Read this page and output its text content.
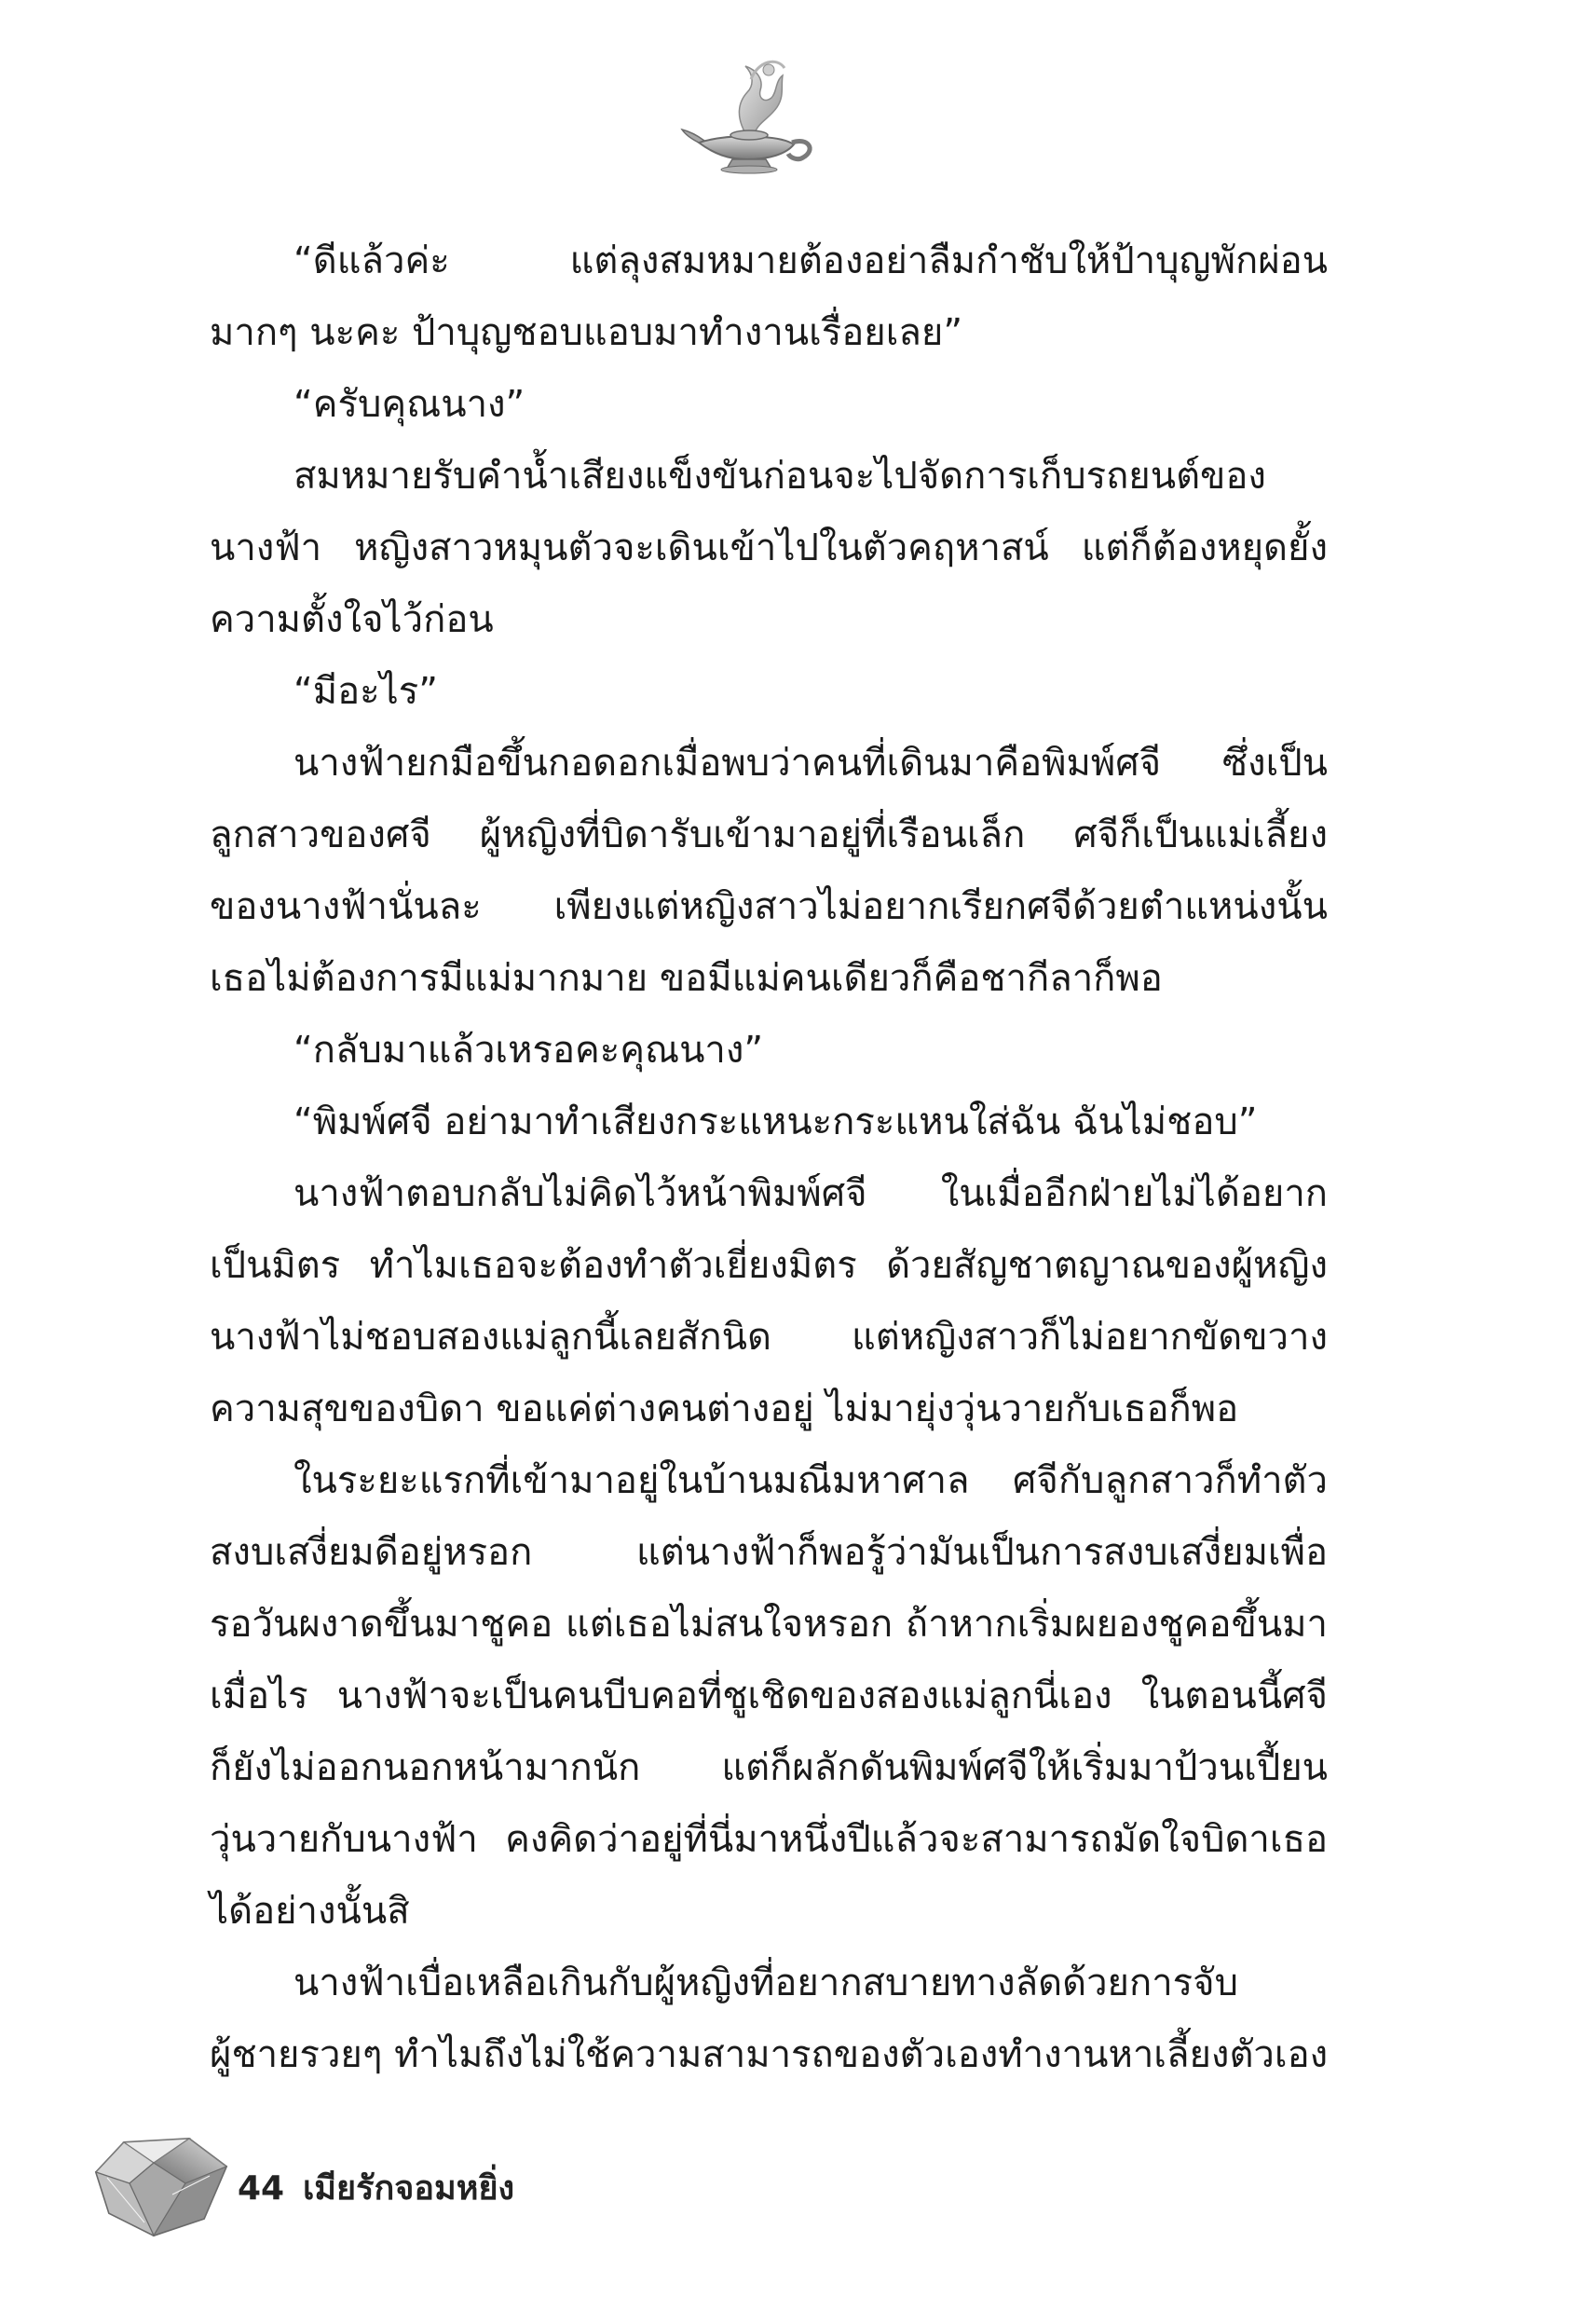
“ดีแล้วค่ะ แต่ลุงสมหมายต้องอย่าลืมกำชับให้ป้าบุญพักผ่อน
มากๆ นะคะ ป้าบุญชอบแอบมาทำงานเรื่อยเลย”
“ครับคุณนาง”
สมหมายรับคำน้ำเสียงแข็งขันก่อนจะไปจัดการเก็บรถยนต์ของ
นางฟ้า หญิงสาวหมุนตัวจะเดินเข้าไปในตัวคฤหาสน์ แต่ก็ต้องหยุดยั้ง
ความตั้งใจไว้ก่อน
“มีอะไร”
นางฟ้ายกมือขึ้นกอดอกเมื่อพบว่าคนที่เดินมาคือพิมพ์ศจี ซึ่งเป็น
ลูกสาวของศจี ผู้หญิงที่บิดารับเข้ามาอยู่ที่เรือนเล็ก ศจีก็เป็นแม่เลี้ยง
ของนางฟ้านั่นละ เพียงแต่หญิงสาวไม่อยากเรียกศจีด้วยตำแหน่งนั้น
เธอไม่ต้องการมีแม่มากมาย ขอมีแม่คนเดียวก็คือชากีลาก็พอ
“กลับมาแล้วเหรอคะคุณนาง”
“พิมพ์ศจี อย่ามาทำเสียงกระแหนะกระแหนใส่ฉัน ฉันไม่ชอบ”
นางฟ้าตอบกลับไม่คิดไว้หน้าพิมพ์ศจี ในเมื่ออีกฝ่ายไม่ได้อยาก
เป็นมิตร ทำไมเธอจะต้องทำตัวเยี่ยงมิตร ด้วยสัญชาตญาณของผู้หญิง
นางฟ้าไม่ชอบสองแม่ลูกนี้เลยสักนิด แต่หญิงสาวก็ไม่อยากขัดขวาง
ความสุขของบิดา ขอแค่ต่างคนต่างอยู่ ไม่มายุ่งวุ่นวายกับเธอก็พอ
ในระยะแรกที่เข้ามาอยู่ในบ้านมณีมหาศาล ศจีกับลูกสาวก็ทำตัว
สงบเสงี่ยมดีอยู่หรอก แต่นางฟ้าก็พอรู้ว่ามันเป็นการสงบเสงี่ยมเพื่อ
รอวันผงาดขึ้นมาชูคอ แต่เธอไม่สนใจหรอก ถ้าหากเริ่มผยองชูคอขึ้นมา
เมื่อไร นางฟ้าจะเป็นคนบีบคอที่ชูเชิดของสองแม่ลูกนี่เอง ในตอนนี้ศจี
ก็ยังไม่ออกนอกหน้ามากนัก แต่ก็ผลักดันพิมพ์ศจีให้เริ่มมาป้วนเปี้ยน
วุ่นวายกับนางฟ้า คงคิดว่าอยู่ที่นี่มาหนึ่งปีแล้วจะสามารถมัดใจบิดาเธอ
ได้อย่างนั้นสิ
นางฟ้าเบื่อเหลือเกินกับผู้หญิงที่อยากสบายทางลัดด้วยการจับ
ผู้ชายรวยๆ ทำไมถึงไม่ใช้ความสามารถของตัวเองทำงานหาเลี้ยงตัวเอง
44 เมียรักจอมหยิ่ง
